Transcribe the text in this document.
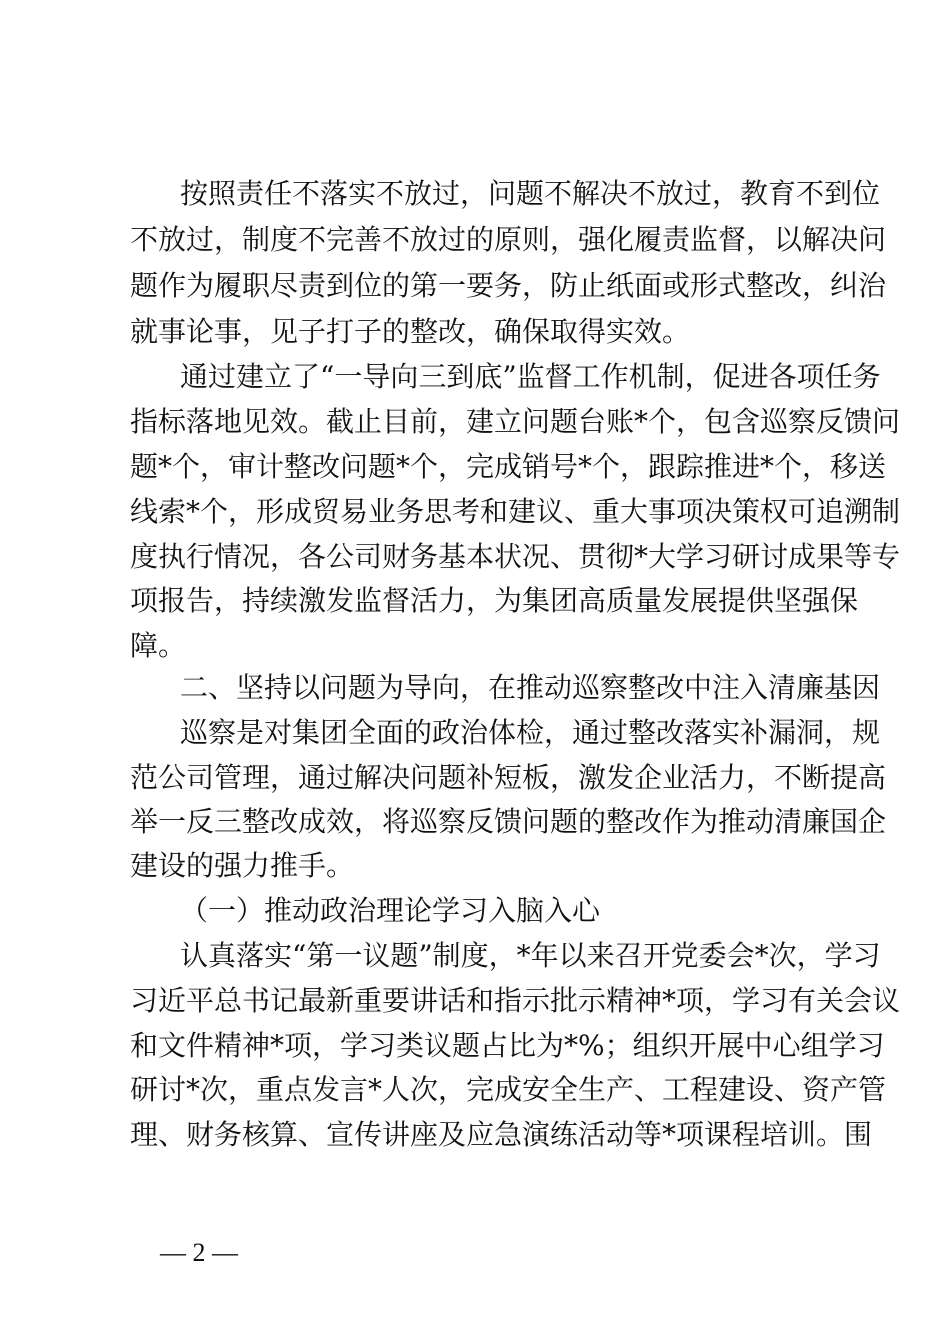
按照责任不落实不放过，问题不解决不放过，教育不到位

不放过，制度不完善不放过的原则，强化履责监督，以解决问

题作为履职尽责到位的第一要务，防止纸面或形式整改，纠治

就事论事，见子打子的整改，确保取得实效。

通过建立了“一导向三到底”监督工作机制，促进各项任务

指标落地见效。截止目前，建立问题台账*个，包含巡察反馈问

题*个，审计整改问题*个，完成销号*个，跟踪推进*个，移送

线索*个，形成贸易业务思考和建议、重大事项决策权可追溯制

度执行情况，各公司财务基本状况、贯彻*大学习研讨成果等专

项报告，持续激发监督活力，为集团高质量发展提供坚强保

障。

二、坚持以问题为导向，在推动巡察整改中注入清廉基因

巡察是对集团全面的政治体检，通过整改落实补漏洞，规

范公司管理，通过解决问题补短板，激发企业活力，不断提高

举一反三整改成效，将巡察反馈问题的整改作为推动清廉国企

建设的强力推手。

（一）推动政治理论学习入脑入心

认真落实“第一议题”制度，*年以来召开党委会*次，学习

习近平总书记最新重要讲话和指示批示精神*项，学习有关会议

和文件精神*项，学习类议题占比为*%；组织开展中心组学习

研讨*次，重点发言*人次，完成安全生产、工程建设、资产管

理、财务核算、宣传讲座及应急演练活动等*项课程培训。围

— 2 —
